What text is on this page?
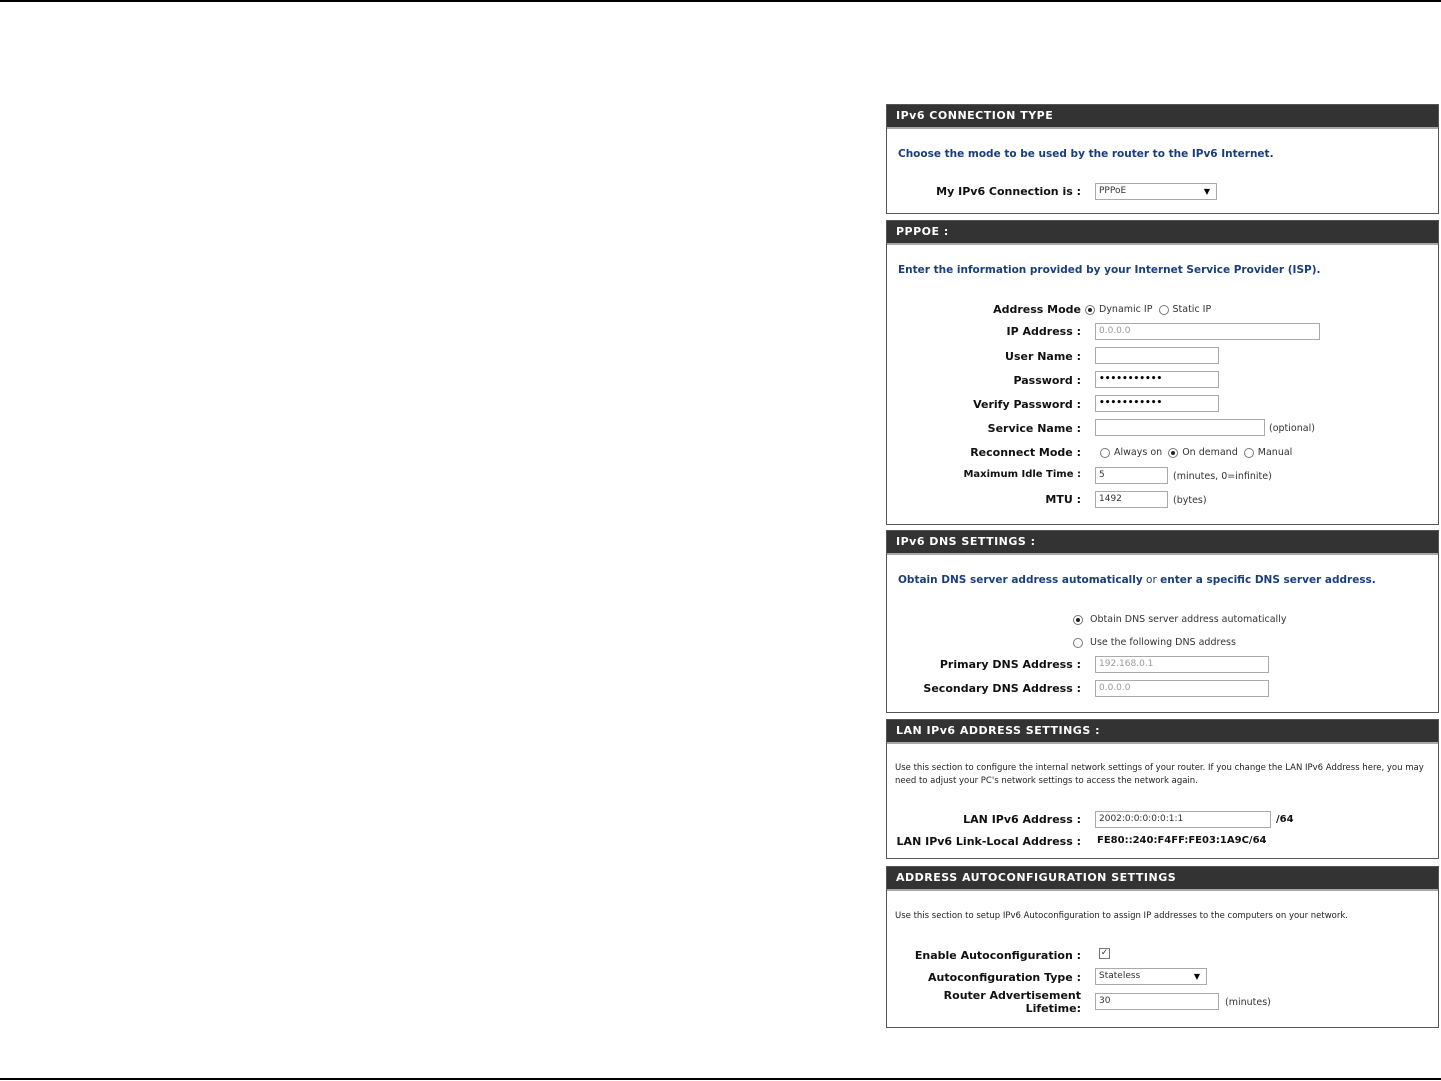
IPv6 CONNECTION TYPE
Choose the mode to be used by the router to the IPv6 Internet.
My IPv6 Connection is :	PPPoE	▼
PPPOE :
Enter the information provided by your Internet Service Provider (ISP).
Address Mode	Dynamic IP Static IP
IP Address :	0.0.0.0
User Name :
Password :	•••••••••••
Verify Password :	•••••••••••
Service Name :	(optional)
Reconnect Mode :	Always on On demand Manual
Maximum Idle Time :	5	(minutes, 0=infinite)
MTU :	1492	(bytes)
IPv6 DNS SETTINGS :
Obtain DNS server address automatically or enter a specific DNS server address.
Obtain DNS server address automatically
Use the following DNS address
Primary DNS Address :	192.168.0.1
Secondary DNS Address :	0.0.0.0
LAN IPv6 ADDRESS SETTINGS :
Use this section to configure the internal network settings of your router. If you change the LAN IPv6 Address here, you may need to adjust your PC's network settings to access the network again.
LAN IPv6 Address :	2002:0:0:0:0:0:1:1	/64
LAN IPv6 Link-Local Address : FE80::240:F4FF:FE03:1A9C/64
ADDRESS AUTOCONFIGURATION SETTINGS
Use this section to setup IPv6 Autoconfiguration to assign IP addresses to the computers on your network.
Enable Autoconfiguration : ✓
Autoconfiguration Type :	Stateless	▼
Router Advertisement
Lifetime:
30	(minutes)
